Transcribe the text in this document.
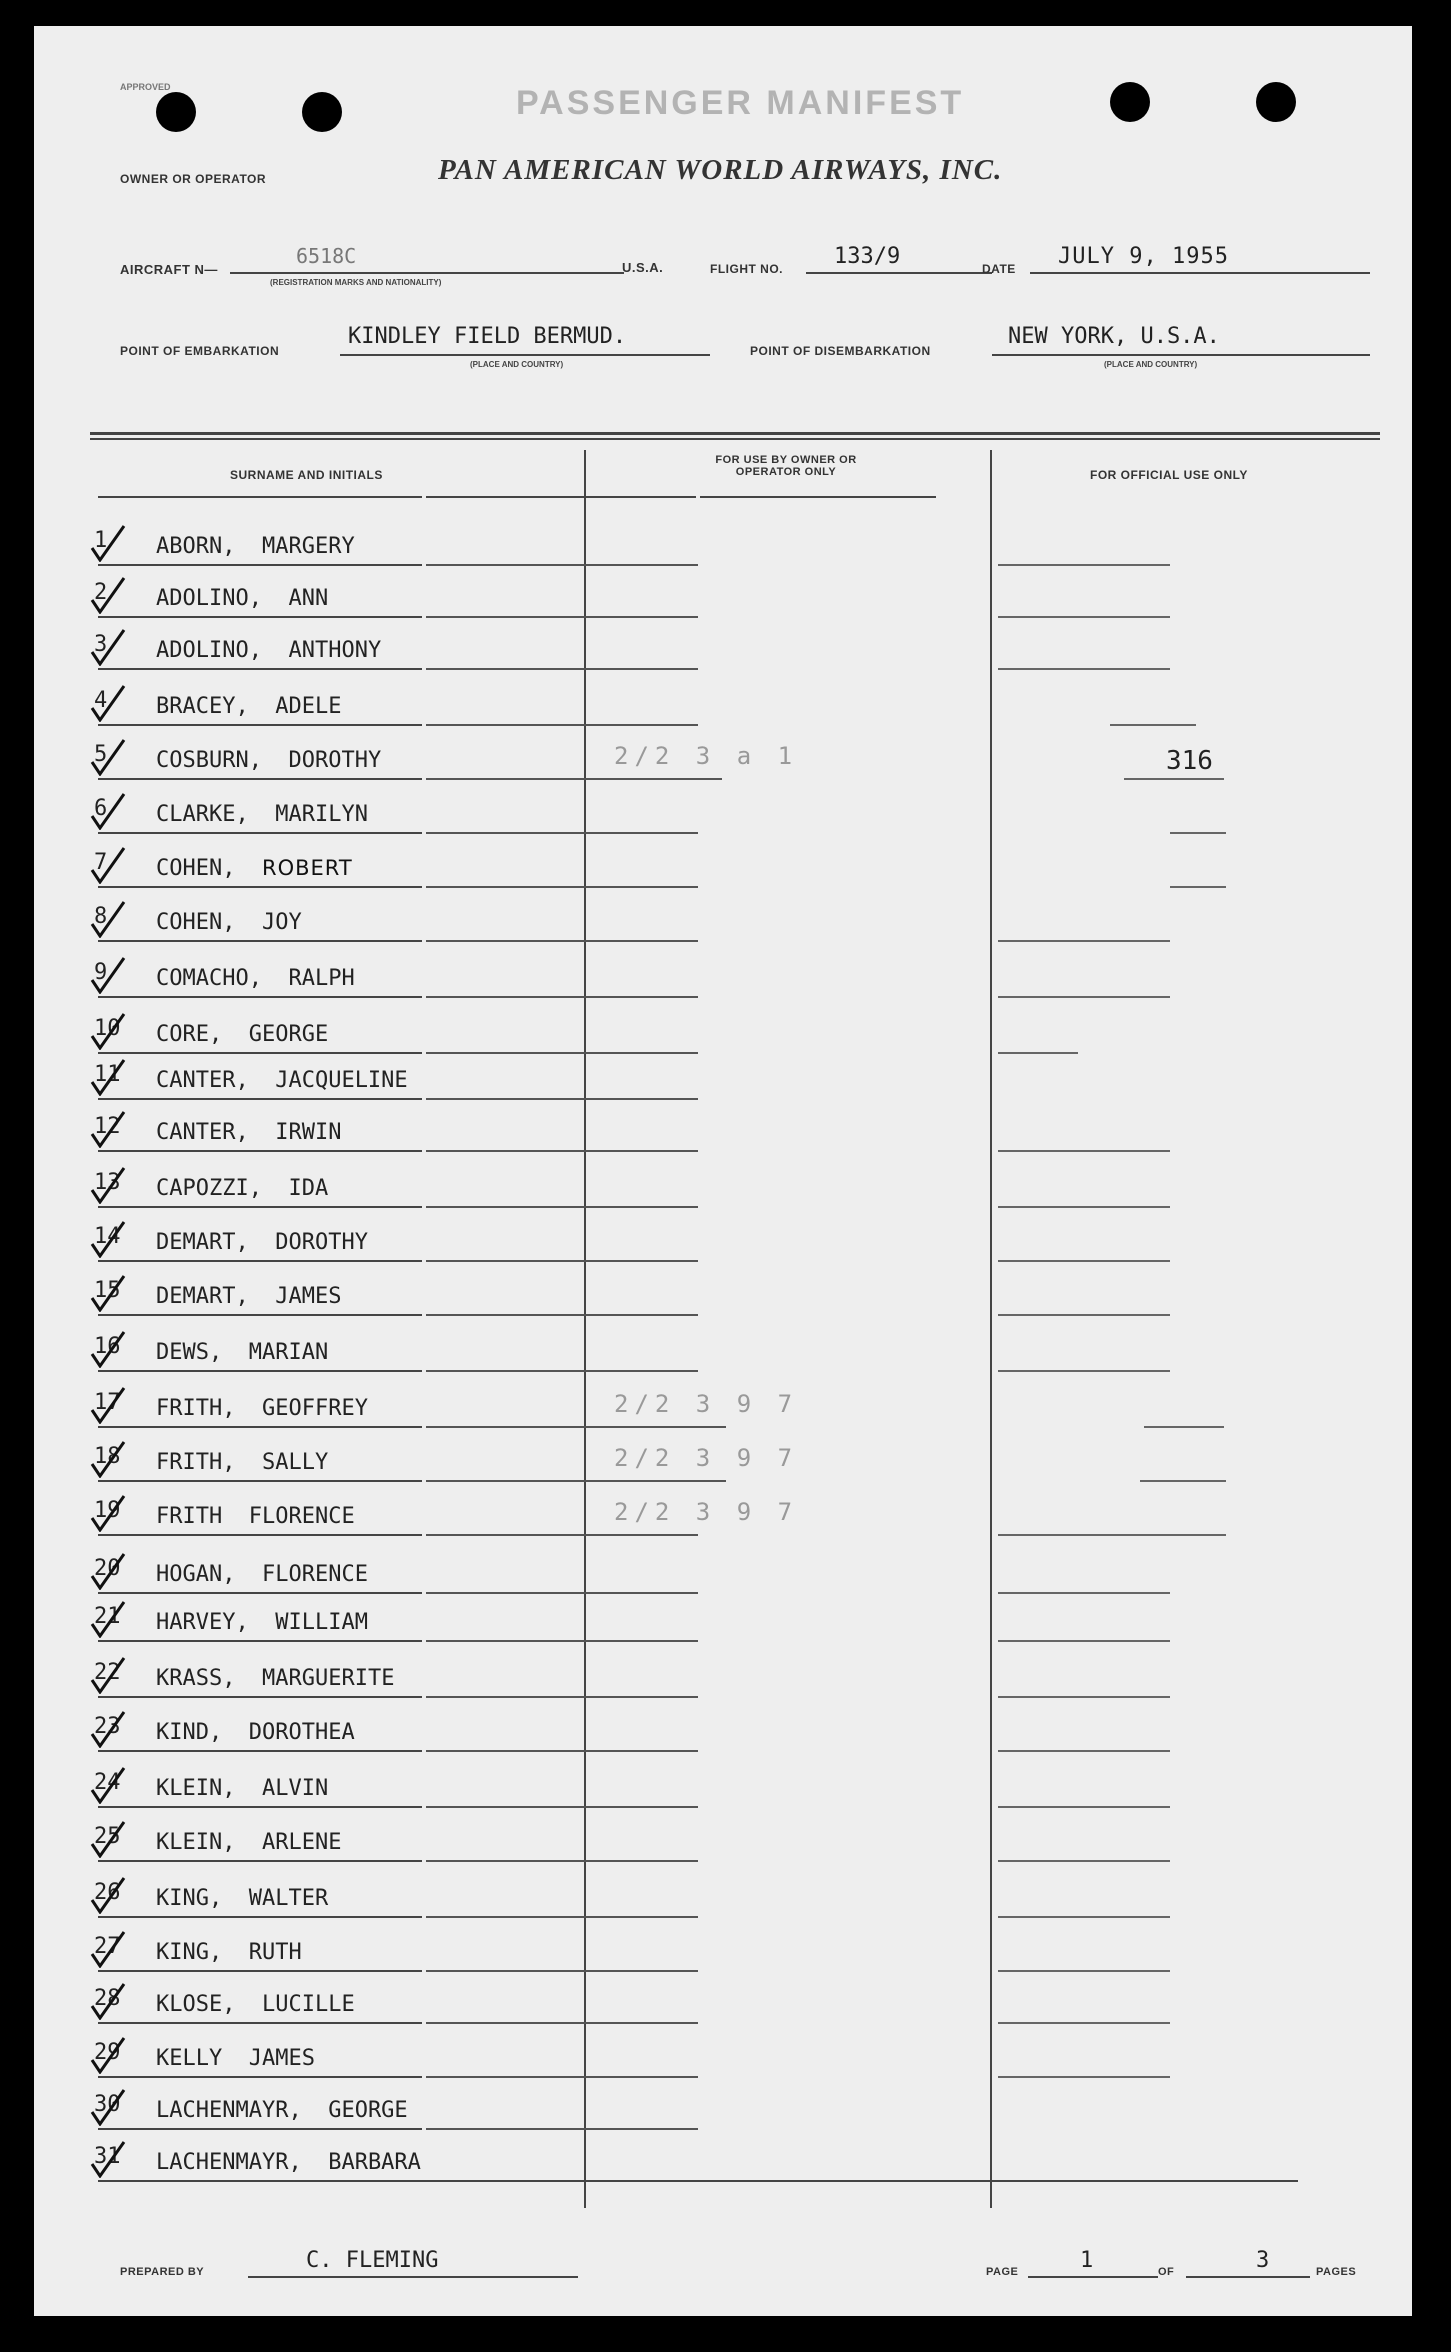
APPROVED	PASSENGER MANIFEST
PAN AMERICAN WORLD AIRWAYS, INC.
OWNER OR OPERATOR
AIRCRAFT N—
6518C
(REGISTRATION MARKS AND NATIONALITY)
U.S.A.	FLIGHT NO. 133/9	DATE JULY 9, 1955
POINT OF EMBARKATION
KINDLEY FIELD BERMUD.
(PLACE AND COUNTRY)
POINT OF DISEMBARKATION
NEW YORK, U.S.A.
(PLACE AND COUNTRY)
SURNAME AND INITIALS
FOR USE BY OWNER OR OPERATOR ONLY	FOR OFFICIAL USE ONLY
1 ABORN, MARGERY
2 ADOLINO, ANN
3 ADOLINO, ANTHONY
4 BRACEY, ADELE
5 COSBURN, DOROTHY	2/2 3 a 1	316
6 CLARKE, MARILYN
7 COHEN, ROBERT
8 COHEN, JOY
9 COMACHO, RALPH
10 CORE, GEORGE
11 CANTER, JACQUELINE
12 CANTER, IRWIN
13 CAPOZZI, IDA
14 DEMART, DOROTHY
15 DEMART, JAMES
16 DEWS, MARIAN
17 FRITH, GEOFFREY	2/2 3 9 7
18 FRITH, SALLY	2/2 3 9 7
19 FRITH FLORENCE	2/2 3 9 7
20 HOGAN, FLORENCE
21 HARVEY, WILLIAM
22 KRASS, MARGUERITE
23 KIND, DOROTHEA
24 KLEIN, ALVIN
25 KLEIN, ARLENE
26 KING, WALTER
27 KING, RUTH
28 KLOSE, LUCILLE
29 KELLY JAMES
30 LACHENMAYR, GEORGE
31 LACHENMAYR, BARBARA
PREPARED BY	C. FLEMING	PAGE	1	OF	3	PAGES
